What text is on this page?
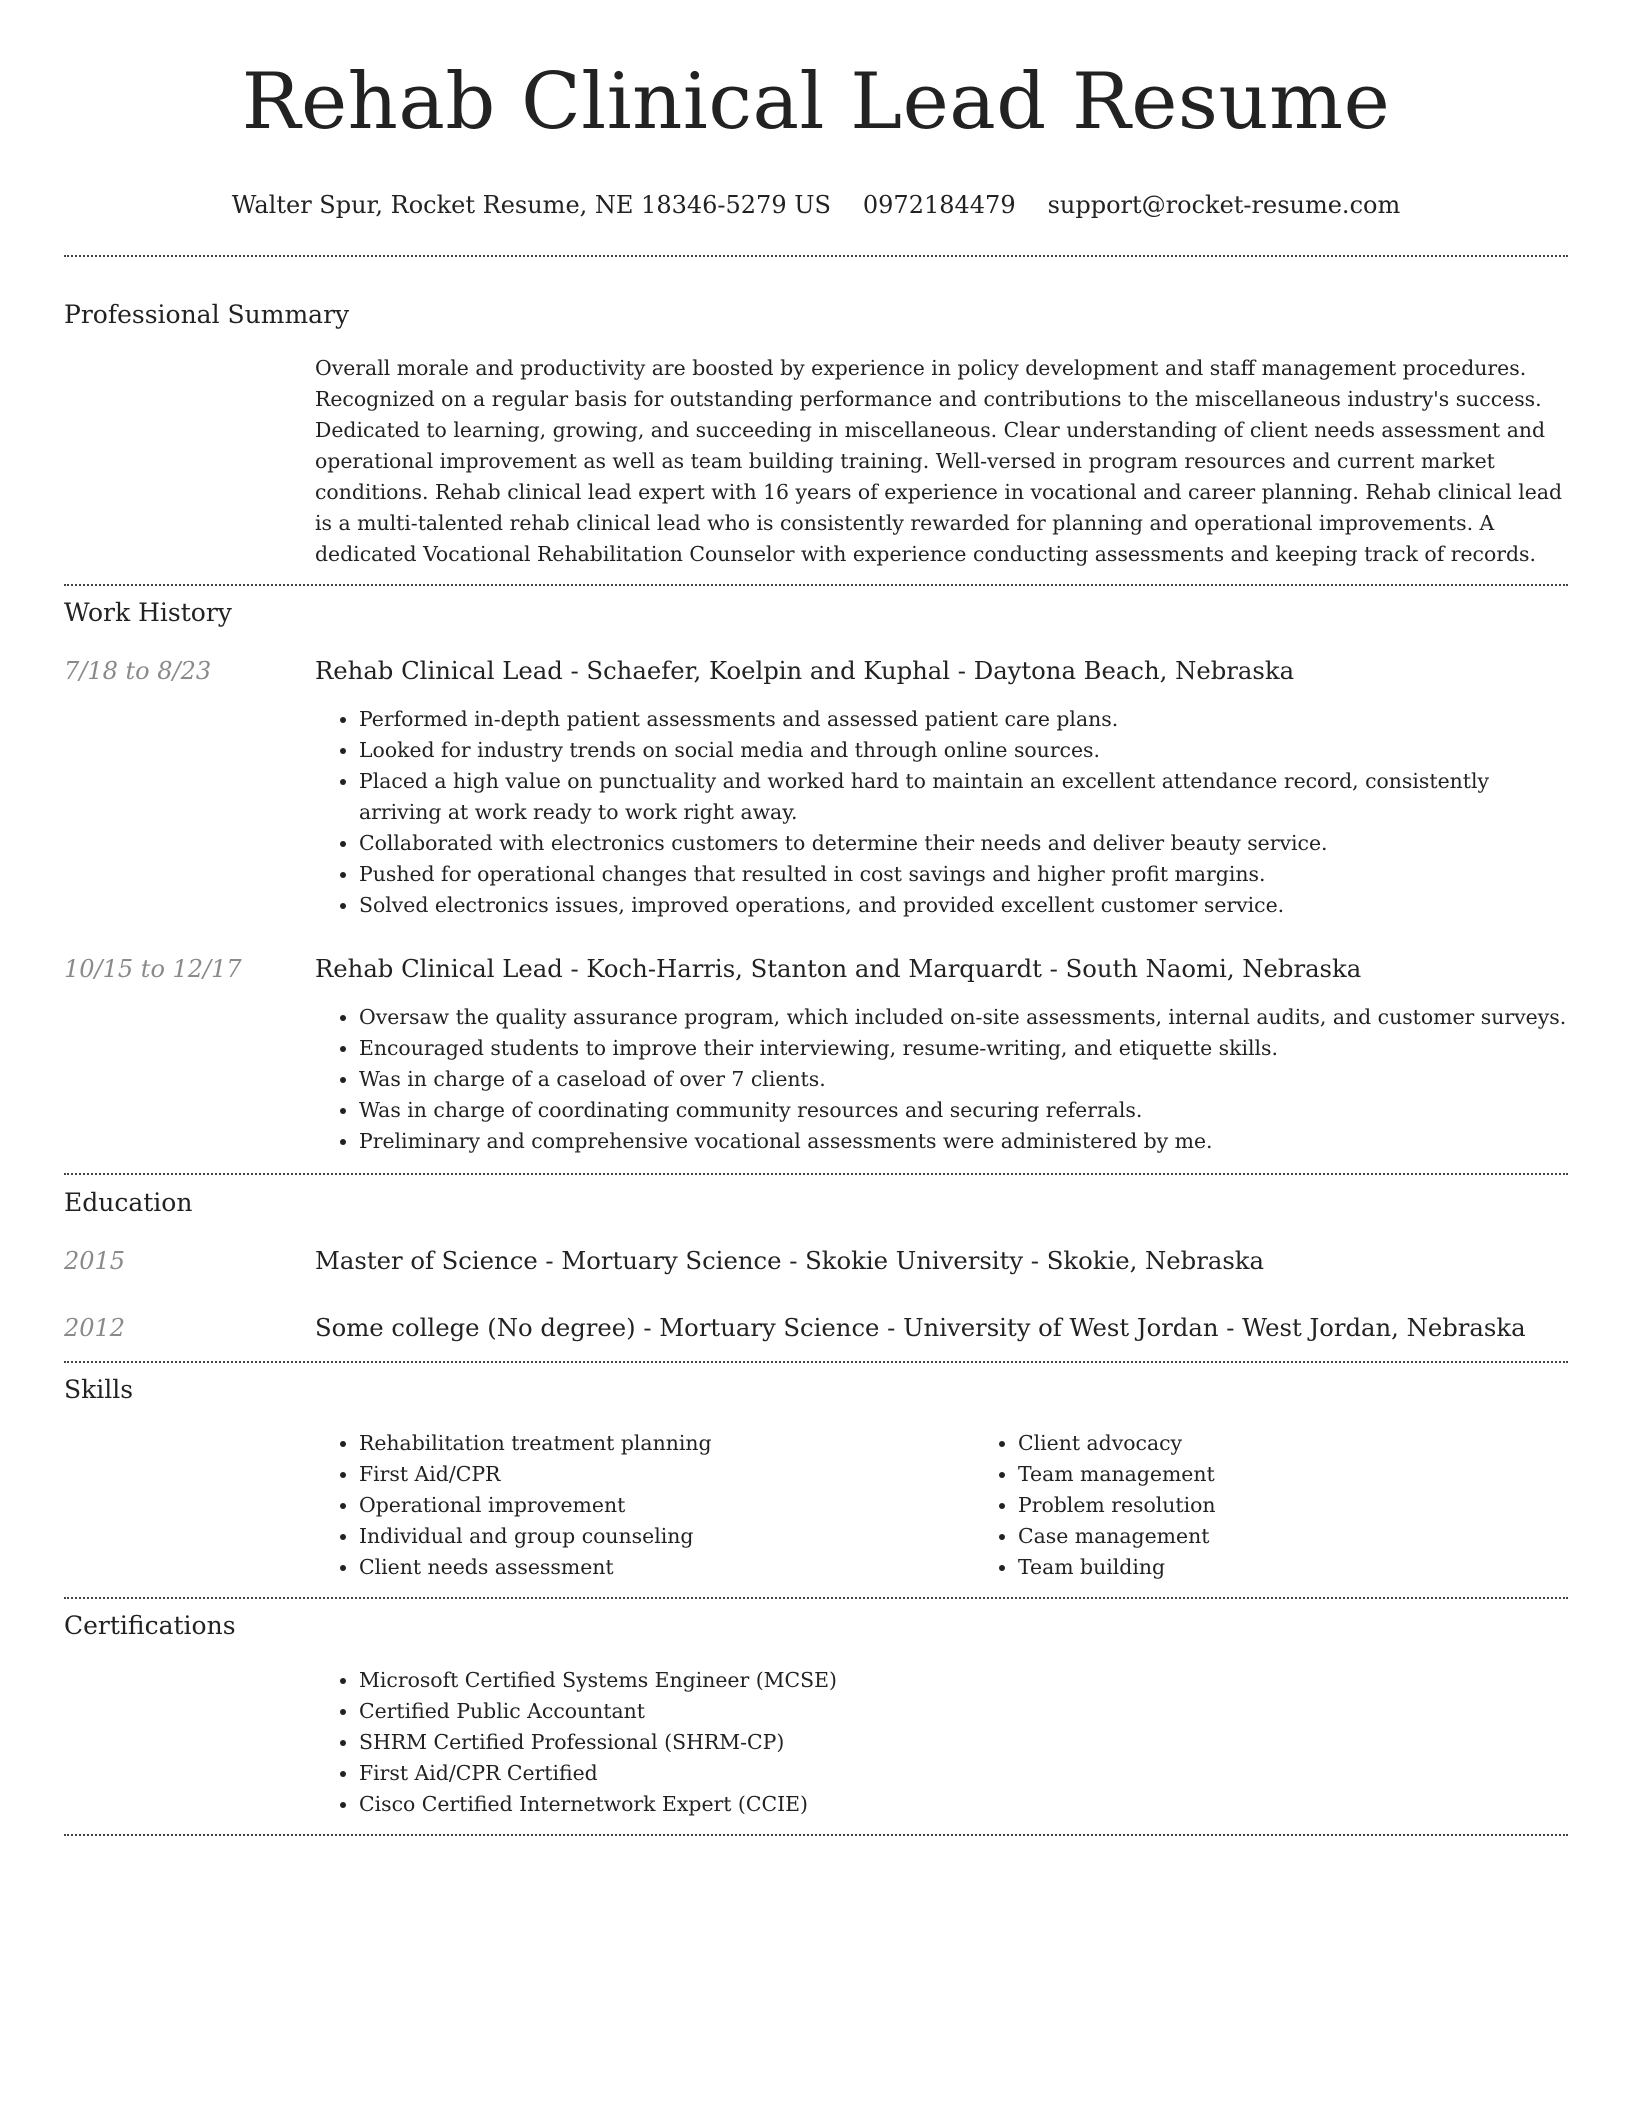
Rehab Clinical Lead Resume
Walter Spur, Rocket Resume, NE 18346-5279 US 0972184479 support@rocket-resume.com
Professional Summary

Overall morale and productivity are boosted by experience in policy development and staff management procedures. Recognized on a regular basis for outstanding performance and contributions to the miscellaneous industry's success. Dedicated to learning, growing, and succeeding in miscellaneous. Clear understanding of client needs assessment and operational improvement as well as team building training. Well-versed in program resources and current market conditions. Rehab clinical lead expert with 16 years of experience in vocational and career planning. Rehab clinical lead is a multi-talented rehab clinical lead who is consistently rewarded for planning and operational improvements. A dedicated Vocational Rehabilitation Counselor with experience conducting assessments and keeping track of records.

Work History
7/18 to 8/23	Rehab Clinical Lead - Schaefer, Koelpin and Kuphal - Daytona Beach, Nebraska
• Performed in-depth patient assessments and assessed patient care plans.
• Looked for industry trends on social media and through online sources.
• Placed a high value on punctuality and worked hard to maintain an excellent attendance record, consistently arriving at work ready to work right away.
• Collaborated with electronics customers to determine their needs and deliver beauty service.
• Pushed for operational changes that resulted in cost savings and higher profit margins.
• Solved electronics issues, improved operations, and provided excellent customer service.
10/15 to 12/17	Rehab Clinical Lead - Koch-Harris, Stanton and Marquardt - South Naomi, Nebraska
• Oversaw the quality assurance program, which included on-site assessments, internal audits, and customer surveys.
• Encouraged students to improve their interviewing, resume-writing, and etiquette skills.
• Was in charge of a caseload of over 7 clients.
• Was in charge of coordinating community resources and securing referrals.
• Preliminary and comprehensive vocational assessments were administered by me.
Education
2015	Master of Science - Mortuary Science - Skokie University - Skokie, Nebraska
2012	Some college (No degree) - Mortuary Science - University of West Jordan - West Jordan, Nebraska
Skills
• Rehabilitation treatment planning
• First Aid/CPR
• Operational improvement
• Individual and group counseling
• Client needs assessment
• Client advocacy
• Team management
• Problem resolution
• Case management
• Team building
Certifications
• Microsoft Certified Systems Engineer (MCSE)
• Certified Public Accountant
• SHRM Certified Professional (SHRM-CP)
• First Aid/CPR Certified
• Cisco Certified Internetwork Expert (CCIE)
